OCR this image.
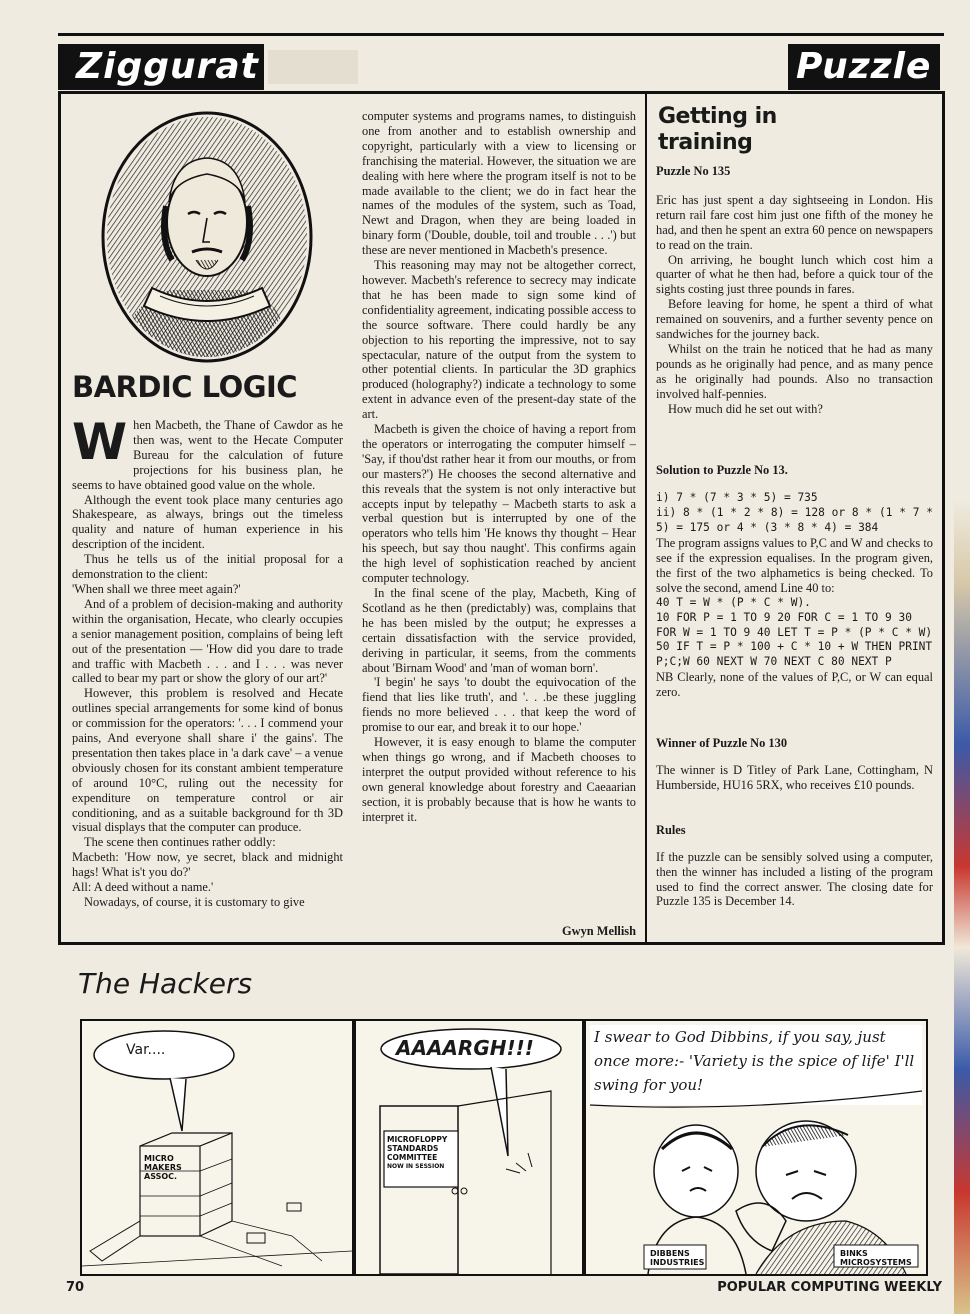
Ziggurat	Puzzle
BARDIC LOGIC

When Macbeth, the Thane of Cawdor as he then was, went to the Hecate Computer Bureau for the calculation of future projections for his business plan, he seems to have obtained good value on the whole.

Although the event took place many centuries ago Shakespeare, as always, brings out the timeless quality and nature of human experience in his description of the incident.

Thus he tells us of the initial proposal for a demonstration to the client:

'When shall we three meet again?'

And of a problem of decision-making and authority within the organisation, Hecate, who clearly occupies a senior management position, complains of being left out of the presentation — 'How did you dare to trade and traffic with Macbeth . . . and I . . . was never called to bear my part or show the glory of our art?'

However, this problem is resolved and Hecate outlines special arrangements for some kind of bonus or commission for the operators: '. . . I commend your pains, And everyone shall share i' the gains'. The presentation then takes place in 'a dark cave' – a venue obviously chosen for its constant ambient temperature of around 10°C, ruling out the necessity for expenditure on temperature control or air conditioning, and as a suitable background for th 3D visual displays that the computer can produce.

The scene then continues rather oddly:

Macbeth: 'How now, ye secret, black and midnight hags! What is't you do?'

All: A deed without a name.'

Nowadays, of course, it is customary to give

computer systems and programs names, to distinguish one from another and to establish ownership and copyright, particularly with a view to licensing or franchising the material. However, the situation we are dealing with here where the program itself is not to be made available to the client; we do in fact hear the names of the modules of the system, such as Toad, Newt and Dragon, when they are being loaded in binary form ('Double, double, toil and trouble . . .') but these are never mentioned in Macbeth's presence.

This reasoning may may not be altogether correct, however. Macbeth's reference to secrecy may indicate that he has been made to sign some kind of confidentiality agreement, indicating possible access to the source software. There could hardly be any objection to his reporting the impressive, not to say spectacular, nature of the output from the system to other potential clients. In particular the 3D graphics produced (holography?) indicate a technology to some extent in advance even of the present-day state of the art.

Macbeth is given the choice of having a report from the operators or interrogating the computer himself – 'Say, if thou'dst rather hear it from our mouths, or from our masters?') He chooses the second alternative and this reveals that the system is not only interactive but accepts input by telepathy – Macbeth starts to ask a verbal question but is interrupted by one of the operators who tells him 'He knows thy thought – Hear his speech, but say thou naught'. This confirms again the high level of sophistication reached by ancient computer technology.

In the final scene of the play, Macbeth, King of Scotland as he then (predictably) was, complains that he has been misled by the output; he expresses a certain dissatisfaction with the service provided, deriving in particular, it seems, from the comments about 'Birnam Wood' and 'man of woman born'.

'I begin' he says 'to doubt the equivocation of the fiend that lies like truth', and '. . .be these juggling fiends no more believed . . . that keep the word of promise to our ear, and break it to our hope.'

However, it is easy enough to blame the computer when things go wrong, and if Macbeth chooses to interpret the output provided without reference to his own general knowledge about forestry and Caeaarian section, it is probably because that is how he wants to interpret it.

Gwyn Mellish
Getting in training

Puzzle No 135

Eric has just spent a day sightseeing in London. His return rail fare cost him just one fifth of the money he had, and then he spent an extra 60 pence on newspapers to read on the train.

On arriving, he bought lunch which cost him a quarter of what he then had, before a quick tour of the sights costing just three pounds in fares.

Before leaving for home, he spent a third of what remained on souvenirs, and a further seventy pence on sandwiches for the journey back.

Whilst on the train he noticed that he had as many pounds as he originally had pence, and as many pence as he originally had pounds. Also no transaction involved half-pennies.

How much did he set out with?

Solution to Puzzle No 13.

i) 7 * (7 * 3 * 5) = 735

ii) 8 * (1 * 2 * 8) = 128 or 8 * (1 * 7 * 5) = 175 or 4 * (3 * 8 * 4) = 384

The program assigns values to P,C and W and checks to see if the expression equalises. In the program given, the first of the two alphametics is being checked. To solve the second, amend Line 40 to:

40 T = W * (P * C * W).

10 FOR P = 1 TO 9 20 FOR C = 1 TO 9 30 FOR W = 1 TO 9 40 LET T = P * (P * C * W) 50 IF T = P * 100 + C * 10 + W THEN PRINT P;C;W 60 NEXT W 70 NEXT C 80 NEXT P

NB Clearly, none of the values of P,C, or W can equal zero.

Winner of Puzzle No 130

The winner is D Titley of Park Lane, Cottingham, N Humberside, HU16 5RX, who receives £10 pounds.

Rules

If the puzzle can be sensibly solved using a computer, then the winner has included a listing of the program used to find the correct answer. The closing date for Puzzle 135 is December 14.

The Hackers
Var....
MICRO
MAKERS
ASSOC.
AAAARGH!!!
MICROFLOPPY
STANDARDS
COMMITTEE
NOW IN SESSION
I swear to God Dibbins, if you say, just once more:- 'Variety is the spice of life' I'll swing for you!
DIBBENS
INDUSTRIES
BINKS
MICROSYSTEMS
70	POPULAR COMPUTING WEEKLY
